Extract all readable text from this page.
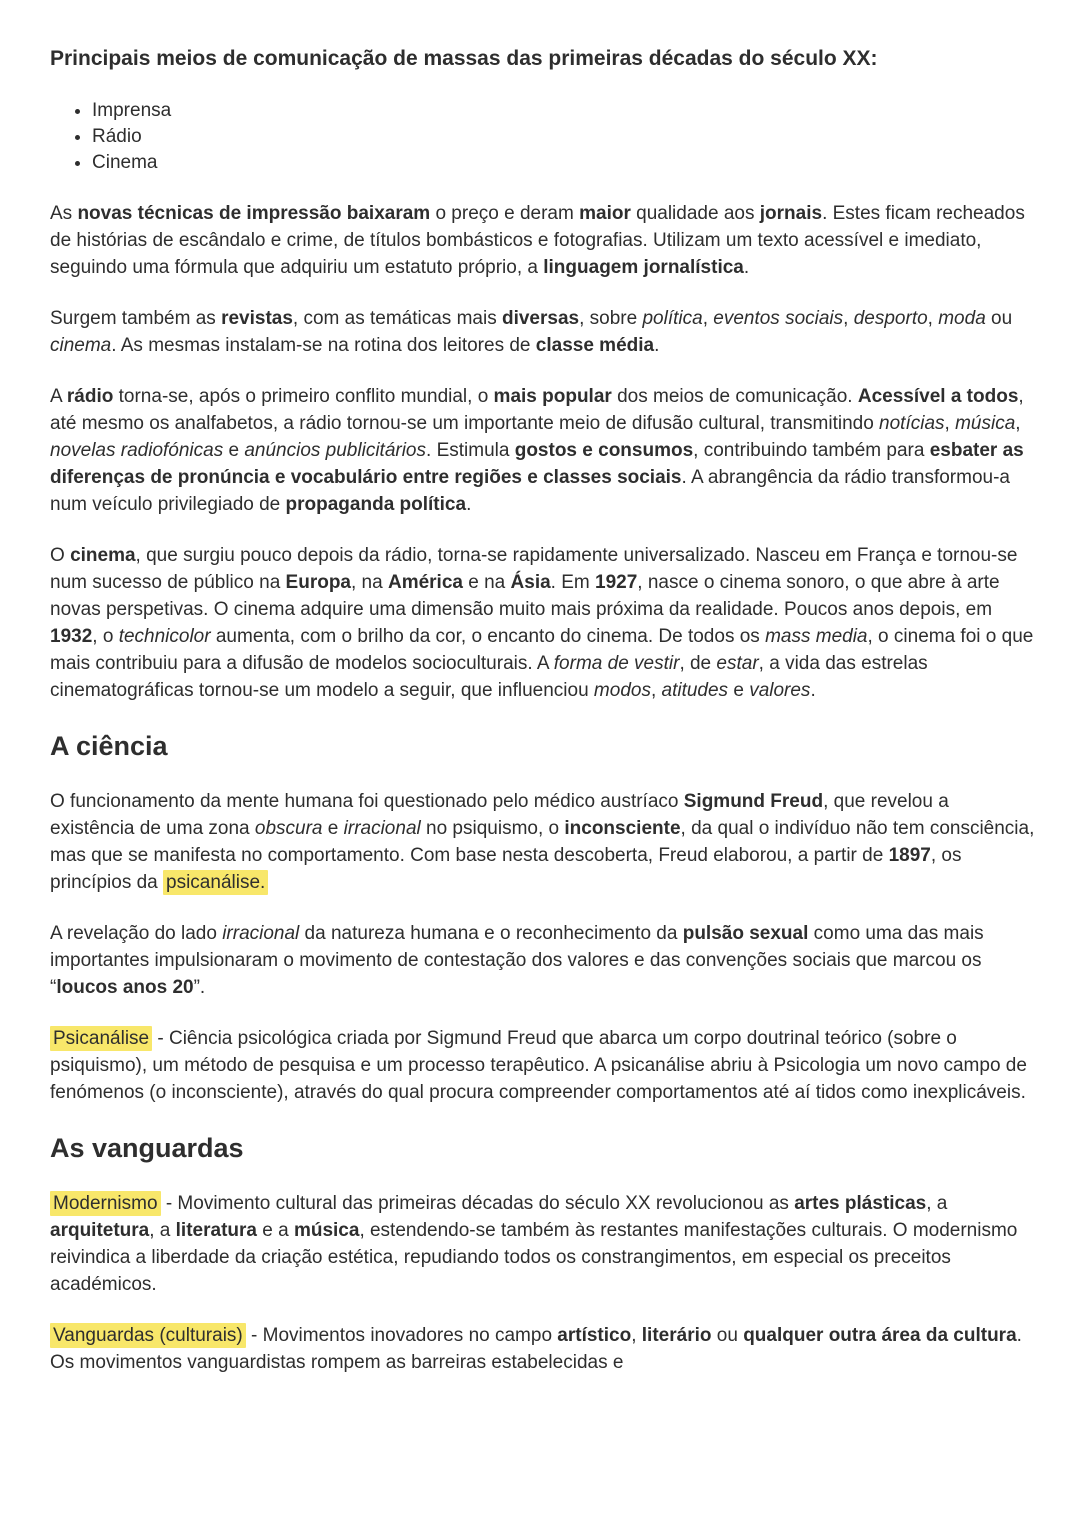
Principais meios de comunicação de massas das primeiras décadas do século XX:

• Imprensa
• Rádio
• Cinema

As novas técnicas de impressão baixaram o preço e deram maior qualidade aos jornais. Estes ficam recheados de histórias de escândalo e crime, de títulos bombásticos e fotografias. Utilizam um texto acessível e imediato, seguindo uma fórmula que adquiriu um estatuto próprio, a linguagem jornalística.

Surgem também as revistas, com as temáticas mais diversas, sobre política, eventos sociais, desporto, moda ou cinema. As mesmas instalam-se na rotina dos leitores de classe média.

A rádio torna-se, após o primeiro conflito mundial, o mais popular dos meios de comunicação. Acessível a todos, até mesmo os analfabetos, a rádio tornou-se um importante meio de difusão cultural, transmitindo notícias, música, novelas radiofónicas e anúncios publicitários. Estimula gostos e consumos, contribuindo também para esbater as diferenças de pronúncia e vocabulário entre regiões e classes sociais. A abrangência da rádio transformou-a num veículo privilegiado de propaganda política.

O cinema, que surgiu pouco depois da rádio, torna-se rapidamente universalizado. Nasceu em França e tornou-se num sucesso de público na Europa, na América e na Ásia. Em 1927, nasce o cinema sonoro, o que abre à arte novas perspetivas. O cinema adquire uma dimensão muito mais próxima da realidade. Poucos anos depois, em 1932, o technicolor aumenta, com o brilho da cor, o encanto do cinema. De todos os mass media, o cinema foi o que mais contribuiu para a difusão de modelos socioculturais. A forma de vestir, de estar, a vida das estrelas cinematográficas tornou-se um modelo a seguir, que influenciou modos, atitudes e valores.

A ciência

O funcionamento da mente humana foi questionado pelo médico austríaco Sigmund Freud, que revelou a existência de uma zona obscura e irracional no psiquismo, o inconsciente, da qual o indivíduo não tem consciência, mas que se manifesta no comportamento. Com base nesta descoberta, Freud elaborou, a partir de 1897, os princípios da psicanálise.

A revelação do lado irracional da natureza humana e o reconhecimento da pulsão sexual como uma das mais importantes impulsionaram o movimento de contestação dos valores e das convenções sociais que marcou os “loucos anos 20”.

Psicanálise - Ciência psicológica criada por Sigmund Freud que abarca um corpo doutrinal teórico (sobre o psiquismo), um método de pesquisa e um processo terapêutico. A psicanálise abriu à Psicologia um novo campo de fenómenos (o inconsciente), através do qual procura compreender comportamentos até aí tidos como inexplicáveis.

As vanguardas

Modernismo - Movimento cultural das primeiras décadas do século XX revolucionou as artes plásticas, a arquitetura, a literatura e a música, estendendo-se também às restantes manifestações culturais. O modernismo reivindica a liberdade da criação estética, repudiando todos os constrangimentos, em especial os preceitos académicos.

Vanguardas (culturais) - Movimentos inovadores no campo artístico, literário ou qualquer outra área da cultura. Os movimentos vanguardistas rompem as barreiras estabelecidas e
